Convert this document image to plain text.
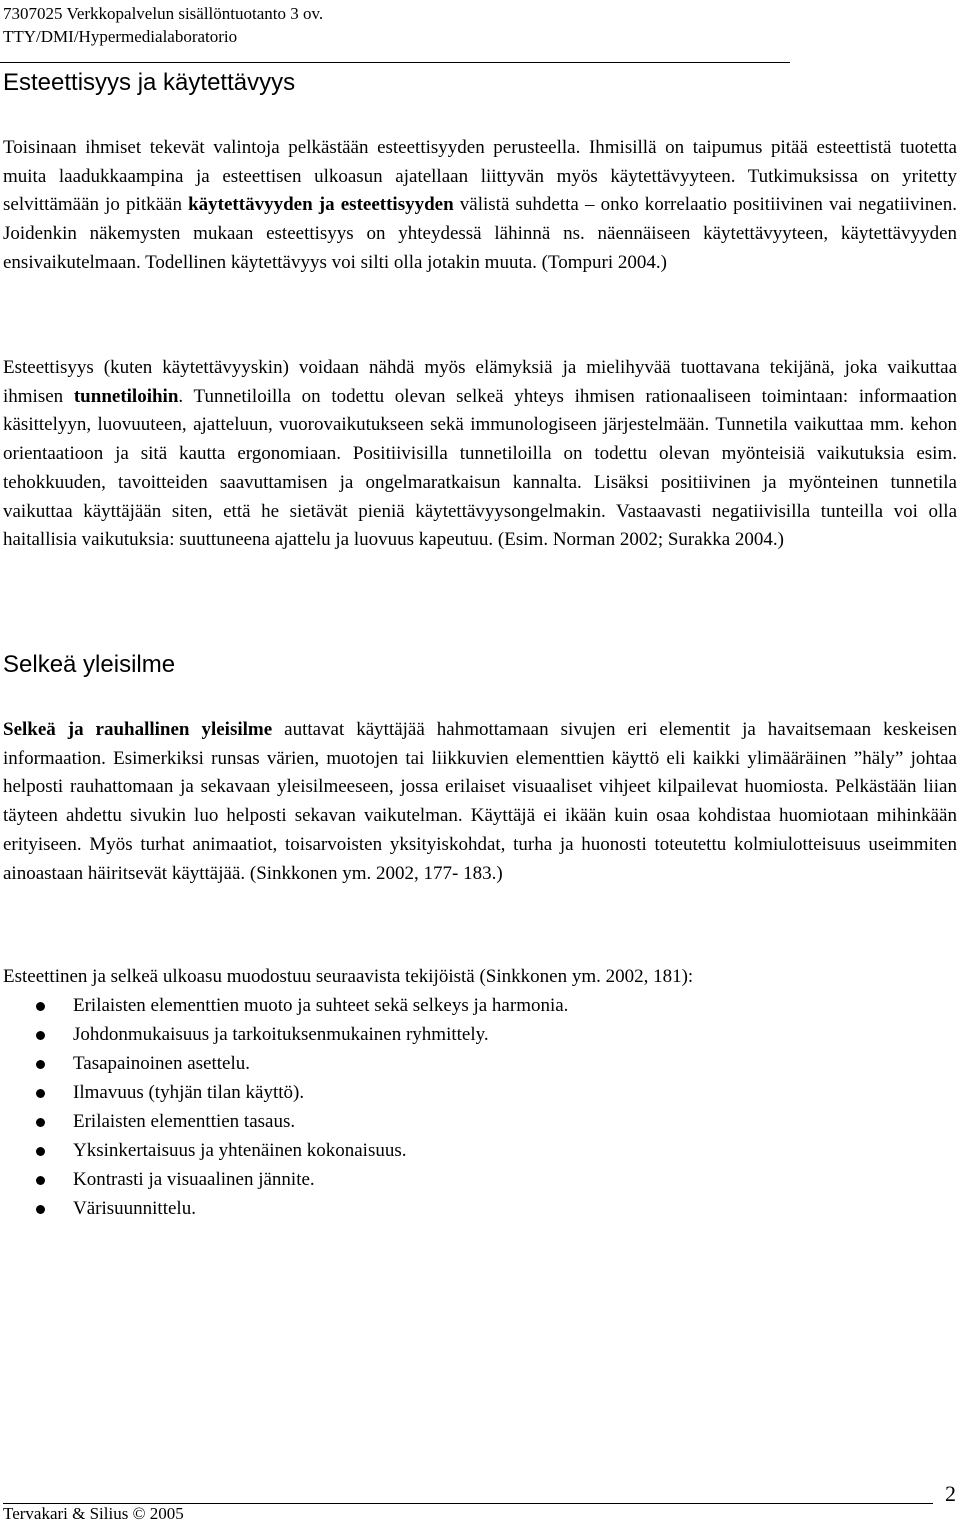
7307025 Verkkopalvelun sisällöntuotanto 3 ov.
TTY/DMI/Hypermedialaboratorio
Esteettisyys ja käytettävyys

Toisinaan ihmiset tekevät valintoja pelkästään esteettisyyden perusteella. Ihmisillä on taipumus pitää esteettistä tuotetta muita laadukkaampina ja esteettisen ulkoasun ajatellaan liittyvän myös käytettävyyteen. Tutkimuksissa on yritetty selvittämään jo pitkään käytettävyyden ja esteettisyyden välistä suhdetta – onko korrelaatio positiivinen vai negatiivinen. Joidenkin näkemysten mukaan esteettisyys on yhteydessä lähinnä ns. näennäiseen käytettävyyteen, käytettävyyden ensivaikutelmaan. Todellinen käytettävyys voi silti olla jotakin muuta. (Tompuri 2004.)

Esteettisyys (kuten käytettävyyskin) voidaan nähdä myös elämyksiä ja mielihyvää tuottavana tekijänä, joka vaikuttaa ihmisen tunnetiloihin. Tunnetiloilla on todettu olevan selkeä yhteys ihmisen rationaaliseen toimintaan: informaation käsittelyyn, luovuuteen, ajatteluun, vuorovaikutukseen sekä immunologiseen järjestelmään. Tunnetila vaikuttaa mm. kehon orientaatioon ja sitä kautta ergonomiaan. Positiivisilla tunnetiloilla on todettu olevan myönteisiä vaikutuksia esim. tehokkuuden, tavoitteiden saavuttamisen ja ongelmaratkaisun kannalta. Lisäksi positiivinen ja myönteinen tunnetila vaikuttaa käyttäjään siten, että he sietävät pieniä käytettävyysongelmakin. Vastaavasti negatiivisilla tunteilla voi olla haitallisia vaikutuksia: suuttuneena ajattelu ja luovuus kapeutuu. (Esim. Norman 2002; Surakka 2004.)

Selkeä yleisilme

Selkeä ja rauhallinen yleisilme auttavat käyttäjää hahmottamaan sivujen eri elementit ja havaitsemaan keskeisen informaation. Esimerkiksi runsas värien, muotojen tai liikkuvien elementtien käyttö eli kaikki ylimääräinen ”häly” johtaa helposti rauhattomaan ja sekavaan yleisilmeeseen, jossa erilaiset visuaaliset vihjeet kilpailevat huomiosta. Pelkästään liian täyteen ahdettu sivukin luo helposti sekavan vaikutelman. Käyttäjä ei ikään kuin osaa kohdistaa huomiotaan mihinkään erityiseen. Myös turhat animaatiot, toisarvoisten yksityiskohdat, turha ja huonosti toteutettu kolmiulotteisuus useimmiten ainoastaan häiritsevät käyttäjää. (Sinkkonen ym. 2002, 177- 183.)

Esteettinen ja selkeä ulkoasu muodostuu seuraavista tekijöistä (Sinkkonen ym. 2002, 181):

Erilaisten elementtien muoto ja suhteet sekä selkeys ja harmonia.
Johdonmukaisuus ja tarkoituksenmukainen ryhmittely.
Tasapainoinen asettelu.
Ilmavuus (tyhjän tilan käyttö).
Erilaisten elementtien tasaus.
Yksinkertaisuus ja yhtenäinen kokonaisuus.
Kontrasti ja visuaalinen jännite.
Värisuunnittelu.
2
Tervakari & Silius © 2005
